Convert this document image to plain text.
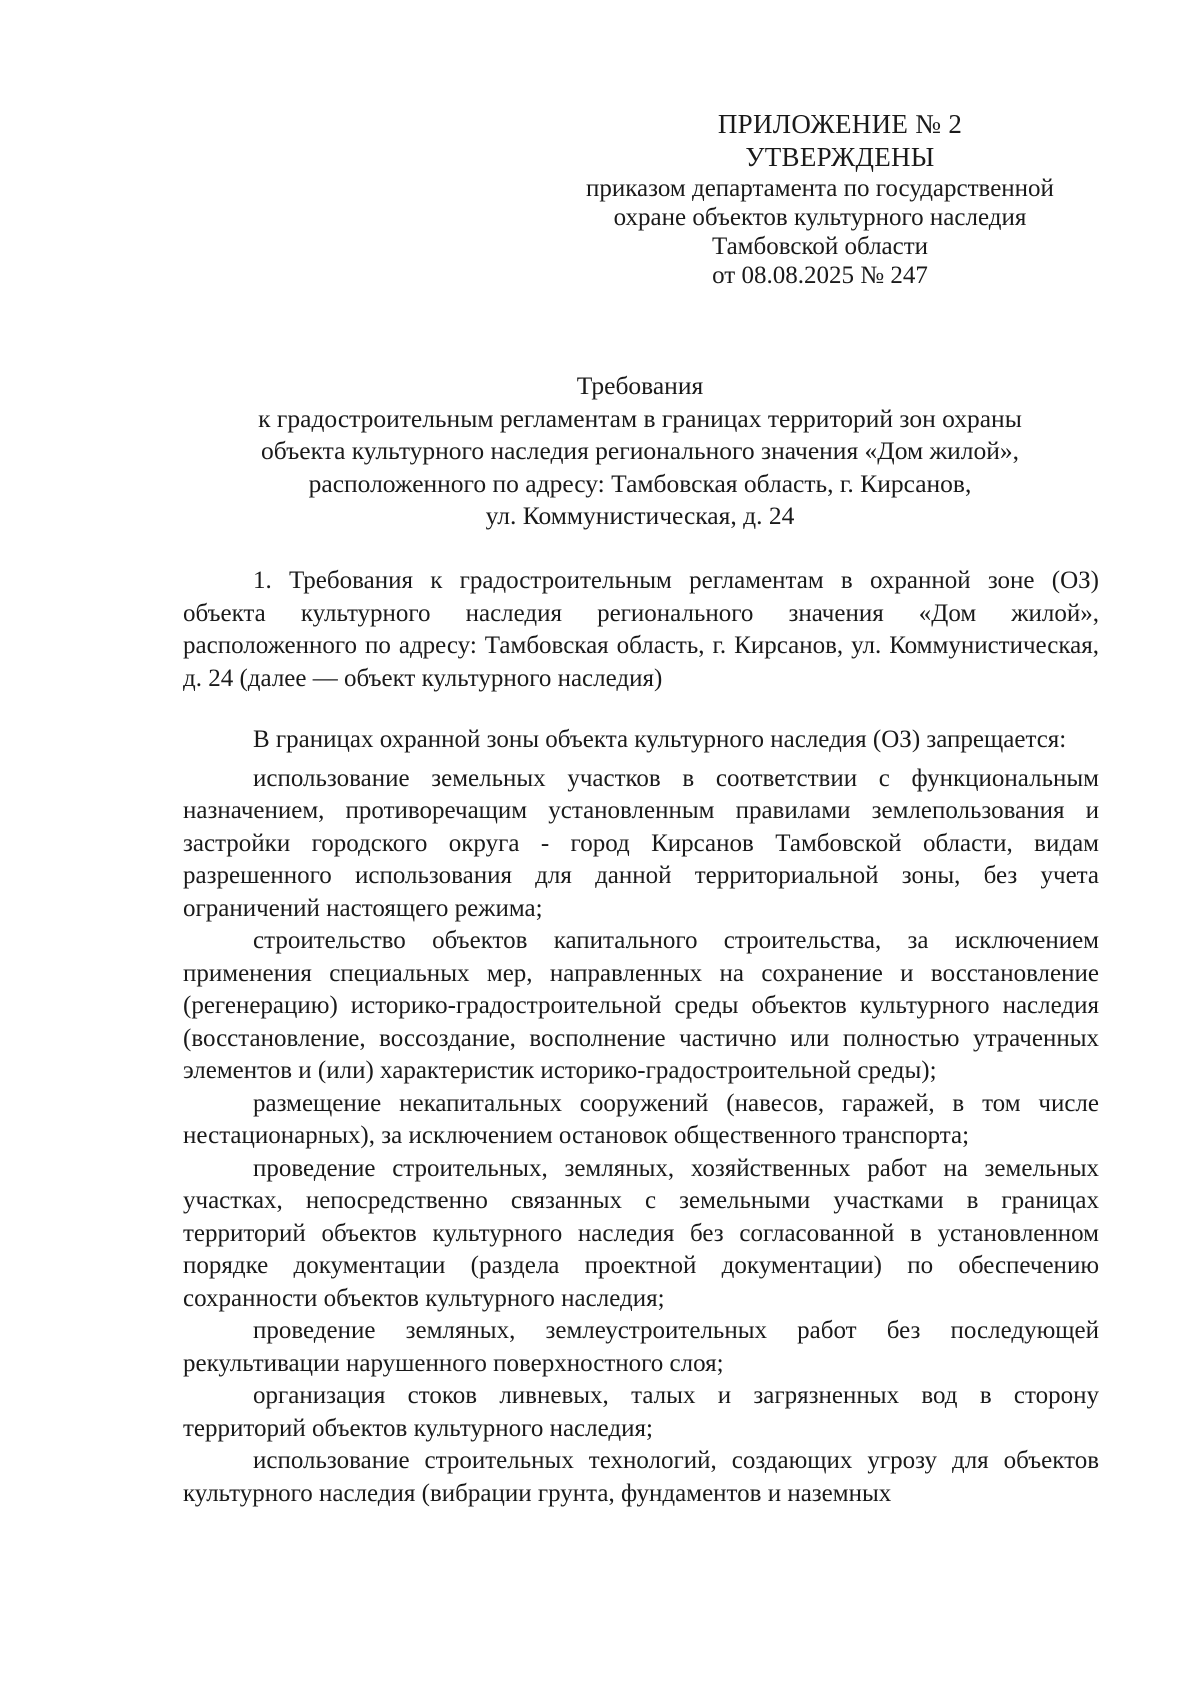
ПРИЛОЖЕНИЕ № 2
УТВЕРЖДЕНЫ
приказом департамента по государственной
охране объектов культурного наследия
Тамбовской области
от 08.08.2025 № 247
Требования
к градостроительным регламентам в границах территорий зон охраны
объекта культурного наследия регионального значения «Дом жилой»,
расположенного по адресу: Тамбовская область, г. Кирсанов,
ул. Коммунистическая, д. 24

1. Требования к градостроительным регламентам в охранной зоне (ОЗ) объекта культурного наследия регионального значения «Дом жилой», расположенного по адресу: Тамбовская область, г. Кирсанов, ул. Коммунистическая, д. 24 (далее — объект культурного наследия)

В границах охранной зоны объекта культурного наследия (ОЗ) запрещается:

использование земельных участков в соответствии с функциональным назначением, противоречащим установленным правилами землепользования и застройки городского округа - город Кирсанов Тамбовской области, видам разрешенного использования для данной территориальной зоны, без учета ограничений настоящего режима;

строительство объектов капитального строительства, за исключением применения специальных мер, направленных на сохранение и восстановление (регенерацию) историко-градостроительной среды объектов культурного наследия (восстановление, воссоздание, восполнение частично или полностью утраченных элементов и (или) характеристик историко-градостроительной среды);

размещение некапитальных сооружений (навесов, гаражей, в том числе нестационарных), за исключением остановок общественного транспорта;

проведение строительных, земляных, хозяйственных работ на земельных участках, непосредственно связанных с земельными участками в границах территорий объектов культурного наследия без согласованной в установленном порядке документации (раздела проектной документации) по обеспечению сохранности объектов культурного наследия;

проведение земляных, землеустроительных работ без последующей рекультивации нарушенного поверхностного слоя;

организация стоков ливневых, талых и загрязненных вод в сторону территорий объектов культурного наследия;

использование строительных технологий, создающих угрозу для объектов культурного наследия (вибрации грунта, фундаментов и наземных
